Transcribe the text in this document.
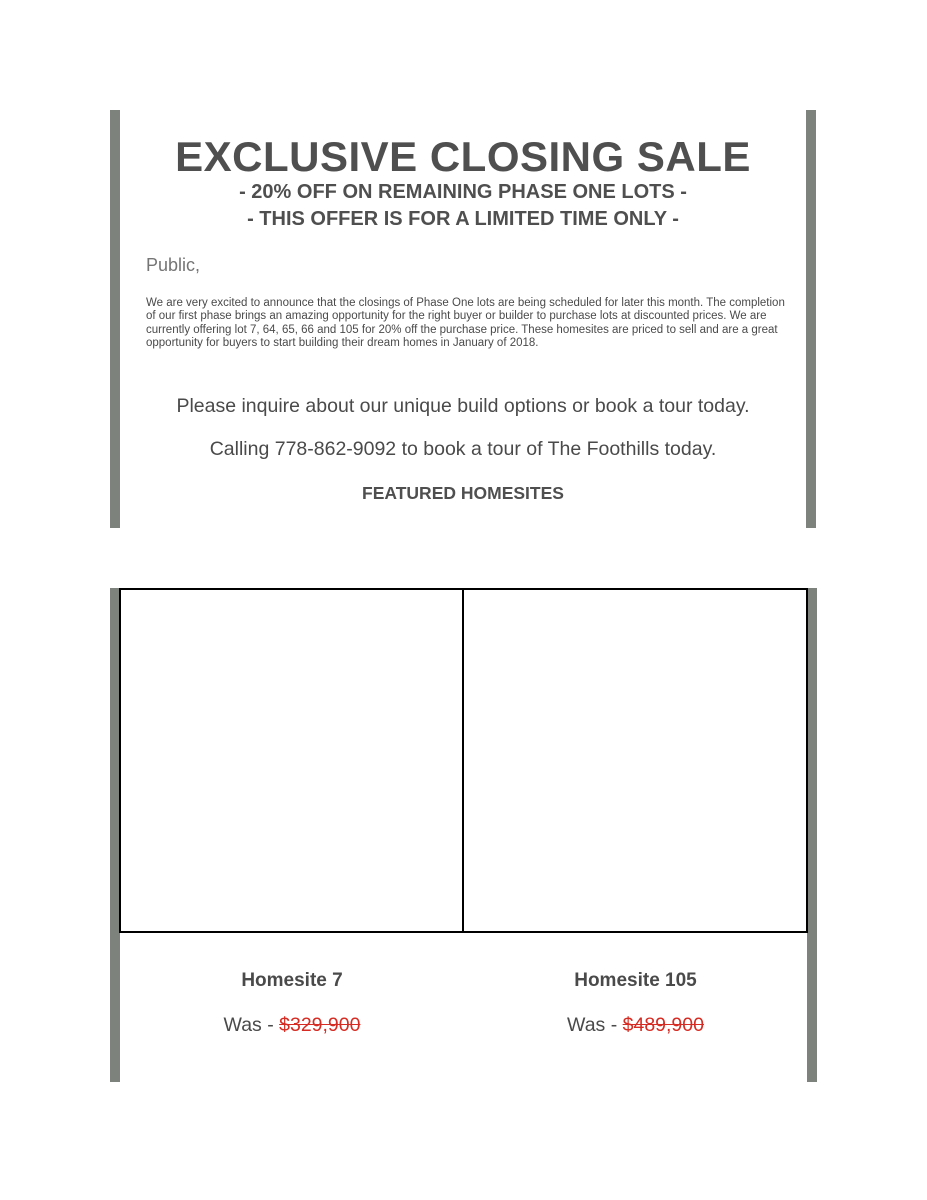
EXCLUSIVE CLOSING SALE

- 20% OFF ON REMAINING PHASE ONE LOTS -

- THIS OFFER IS FOR A LIMITED TIME ONLY -

Public,

We are very excited to announce that the closings of Phase One lots are being scheduled for later this month. The completion of our first phase brings an amazing opportunity for the right buyer or builder to purchase lots at discounted prices. We are currently offering lot 7, 64, 65, 66 and 105 for 20% off the purchase price. These homesites are priced to sell and are a great opportunity for buyers to start building their dream homes in January of 2018.

Please inquire about our unique build options or book a tour today.

Calling 778-862-9092 to book a tour of The Foothills today.

FEATURED HOMESITES

Homesite 7

Was - $329,900

Homesite 105

Was - $489,900
